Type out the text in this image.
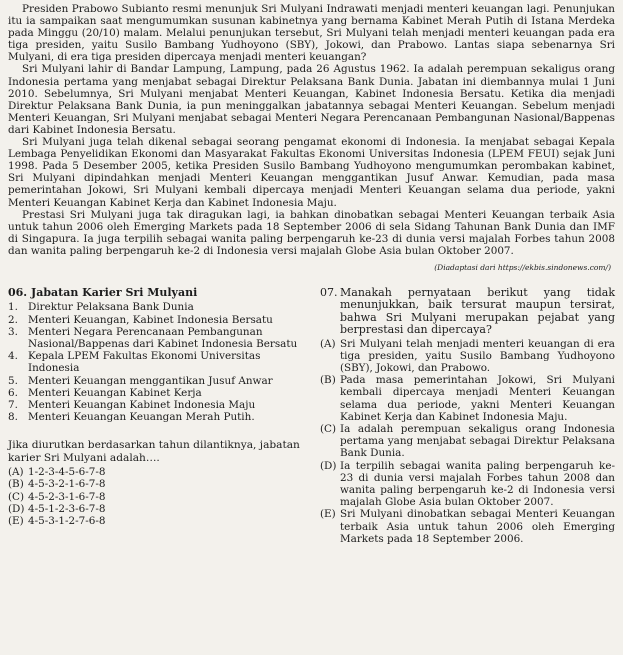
Presiden Prabowo Subianto resmi menunjuk Sri Mulyani Indrawati menjadi menteri keuangan lagi. Penunjukan itu ia sampaikan saat mengumumkan susunan kabinetnya yang bernama Kabinet Merah Putih di Istana Merdeka pada Minggu (20/10) malam. Melalui penunjukan tersebut, Sri Mulyani telah menjadi menteri keuangan pada era tiga presiden, yaitu Susilo Bambang Yudhoyono (SBY), Jokowi, dan Prabowo. Lantas siapa sebenarnya Sri Mulyani, di era tiga presiden dipercaya menjadi menteri keuangan?

Sri Mulyani lahir di Bandar Lampung, Lampung, pada 26 Agustus 1962. Ia adalah perempuan sekaligus orang Indonesia pertama yang menjabat sebagai Direktur Pelaksana Bank Dunia. Jabatan ini diembannya mulai 1 Juni 2010. Sebelumnya, Sri Mulyani menjabat Menteri Keuangan, Kabinet Indonesia Bersatu. Ketika dia menjadi Direktur Pelaksana Bank Dunia, ia pun meninggalkan jabatannya sebagai Menteri Keuangan. Sebelum menjadi Menteri Keuangan, Sri Mulyani menjabat sebagai Menteri Negara Perencanaan Pembangunan Nasional/Bappenas dari Kabinet Indonesia Bersatu.

Sri Mulyani juga telah dikenal sebagai seorang pengamat ekonomi di Indonesia. Ia menjabat sebagai Kepala Lembaga Penyelidikan Ekonomi dan Masyarakat Fakultas Ekonomi Universitas Indonesia (LPEM FEUI) sejak Juni 1998. Pada 5 Desember 2005, ketika Presiden Susilo Bambang Yudhoyono mengumumkan perombakan kabinet, Sri Mulyani dipindahkan menjadi Menteri Keuangan menggantikan Jusuf Anwar. Kemudian, pada masa pemerintahan Jokowi, Sri Mulyani kembali dipercaya menjadi Menteri Keuangan selama dua periode, yakni Menteri Keuangan Kabinet Kerja dan Kabinet Indonesia Maju.

Prestasi Sri Mulyani juga tak diragukan lagi, ia bahkan dinobatkan sebagai Menteri Keuangan terbaik Asia untuk tahun 2006 oleh Emerging Markets pada 18 September 2006 di sela Sidang Tahunan Bank Dunia dan IMF di Singapura. Ia juga terpilih sebagai wanita paling berpengaruh ke-23 di dunia versi majalah Forbes tahun 2008 dan wanita paling berpengaruh ke-2 di Indonesia versi majalah Globe Asia bulan Oktober 2007.

(Diadaptasi dari https://ekbis.sindonews.com/)
06. Jabatan Karier Sri Mulyani
1. Direktur Pelaksana Bank Dunia
2. Menteri Keuangan, Kabinet Indonesia Bersatu
3. Menteri Negara Perencanaan Pembangunan Nasional/Bappenas dari Kabinet Indonesia Bersatu
4. Kepala LPEM Fakultas Ekonomi Universitas Indonesia
5. Menteri Keuangan menggantikan Jusuf Anwar
6. Menteri Keuangan Kabinet Kerja
7. Menteri Keuangan Kabinet Indonesia Maju
8. Menteri Keuangan Keuangan Merah Putih.
Jika diurutkan berdasarkan tahun dilantiknya, jabatan karier Sri Mulyani adalah….
(A) 1-2-3-4-5-6-7-8
(B) 4-5-3-2-1-6-7-8
(C) 4-5-2-3-1-6-7-8
(D) 4-5-1-2-3-6-7-8
(E) 4-5-3-1-2-7-6-8
07. Manakah pernyataan berikut yang tidak menunjukkan, baik tersurat maupun tersirat, bahwa Sri Mulyani merupakan pejabat yang berprestasi dan dipercaya?
(A) Sri Mulyani telah menjadi menteri keuangan di era tiga presiden, yaitu Susilo Bambang Yudhoyono (SBY), Jokowi, dan Prabowo.
(B) Pada masa pemerintahan Jokowi, Sri Mulyani kembali dipercaya menjadi Menteri Keuangan selama dua periode, yakni Menteri Keuangan Kabinet Kerja dan Kabinet Indonesia Maju.
(C) Ia adalah perempuan sekaligus orang Indonesia pertama yang menjabat sebagai Direktur Pelaksana Bank Dunia.
(D) Ia terpilih sebagai wanita paling berpengaruh ke-23 di dunia versi majalah Forbes tahun 2008 dan wanita paling berpengaruh ke-2 di Indonesia versi majalah Globe Asia bulan Oktober 2007.
(E) Sri Mulyani dinobatkan sebagai Menteri Keuangan terbaik Asia untuk tahun 2006 oleh Emerging Markets pada 18 September 2006.
